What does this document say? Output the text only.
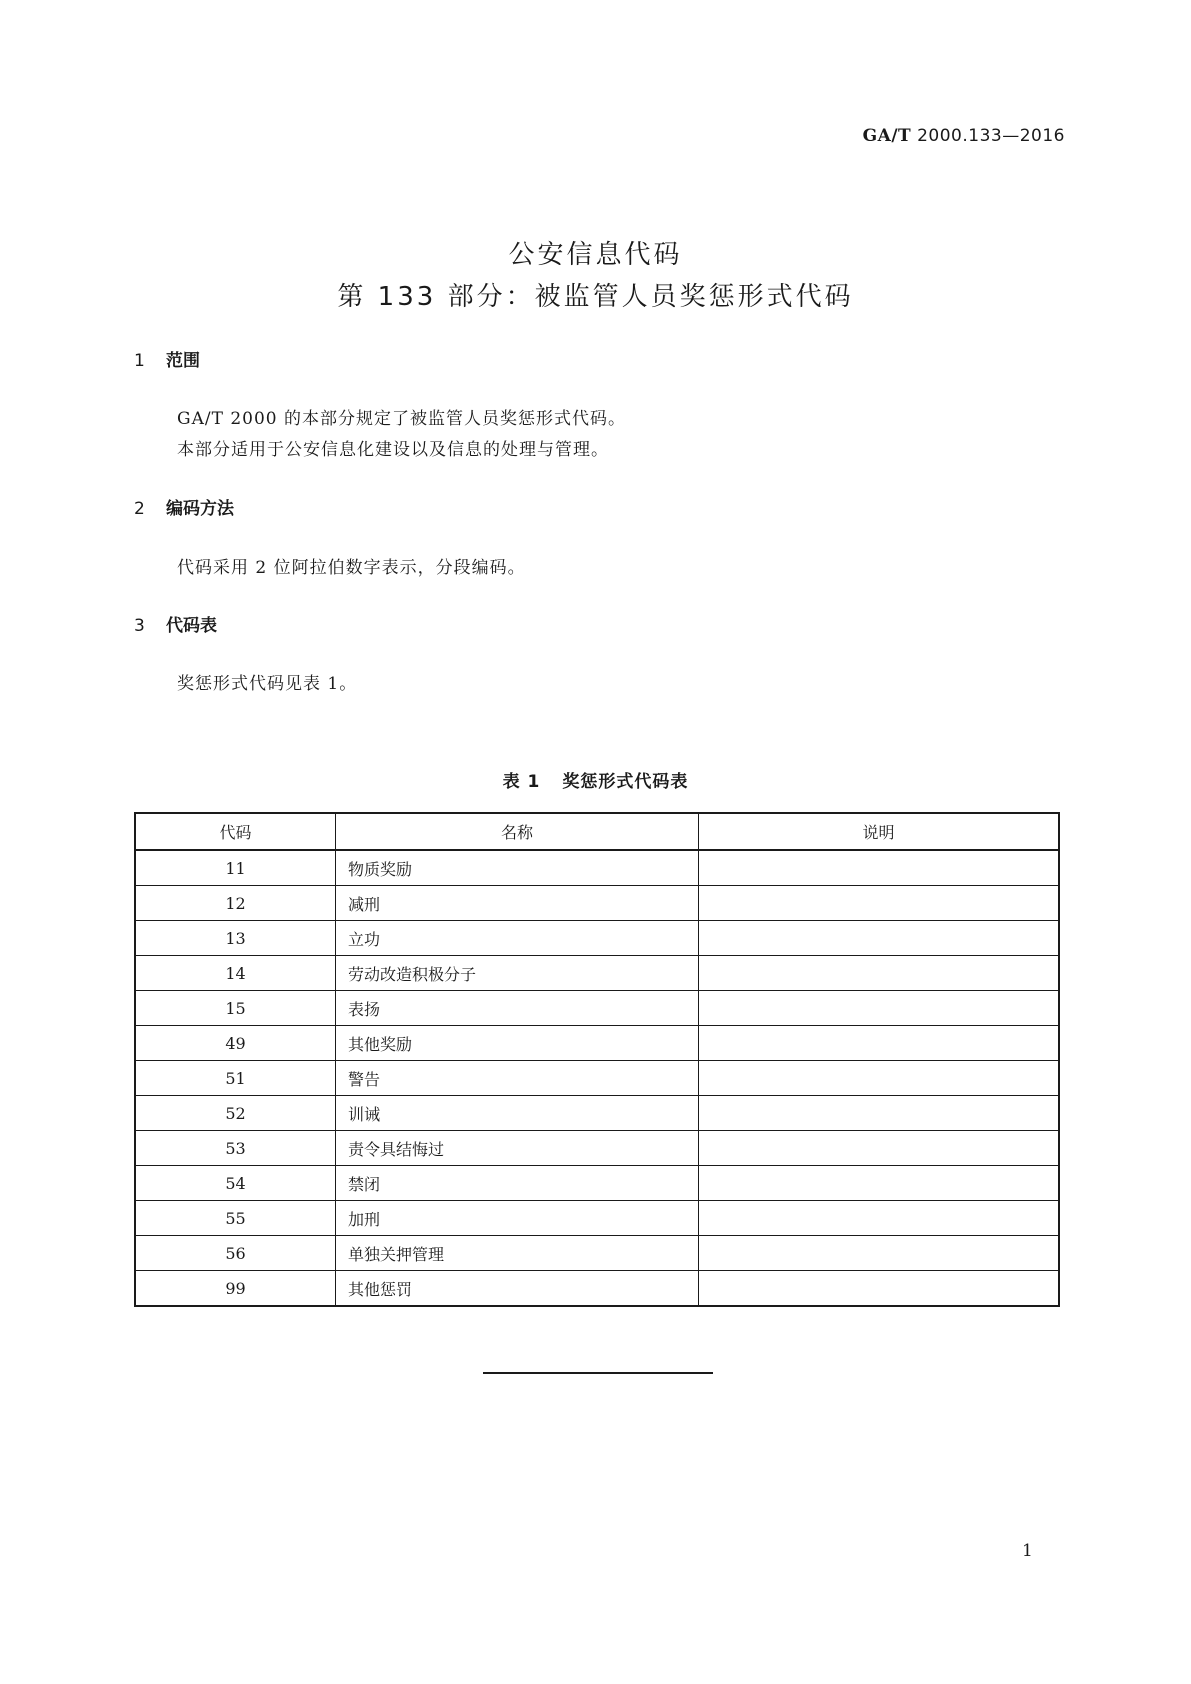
GA/T 2000.133—2016
公安信息代码
第 133 部分：被监管人员奖惩形式代码
1 范围
GA/T 2000 的本部分规定了被监管人员奖惩形式代码。
本部分适用于公安信息化建设以及信息的处理与管理。
2 编码方法
代码采用 2 位阿拉伯数字表示，分段编码。
3 代码表
奖惩形式代码见表 1。
表 1 奖惩形式代码表
代码	名称	说明
11	物质奖励	
12	减刑	
13	立功	
14	劳动改造积极分子	
15	表扬	
49	其他奖励	
51	警告	
52	训诫	
53	责令具结悔过	
54	禁闭	
55	加刑	
56	单独关押管理	
99	其他惩罚	
1
